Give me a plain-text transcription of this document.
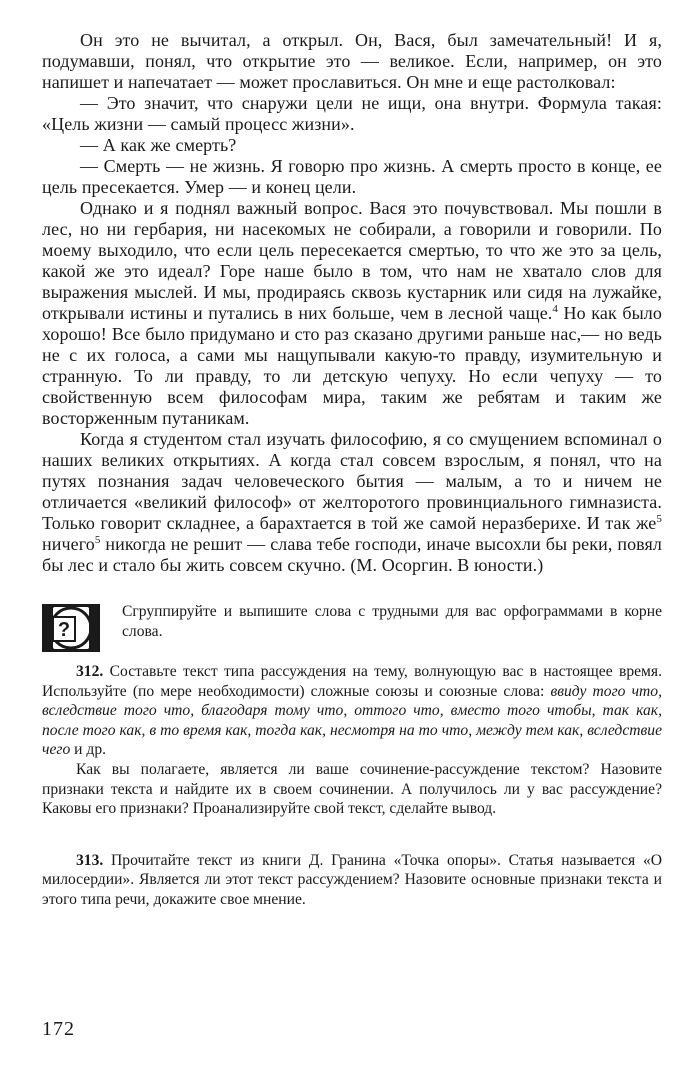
Он это не вычитал, а открыл. Он, Вася, был замечательный! И я, подумавши, понял, что открытие это — великое. Если, например, он это напишет и напечатает — может прославиться. Он мне и еще растолковал:

— Это значит, что снаружи цели не ищи, она внутри. Формула такая: «Цель жизни — самый процесс жизни».

— А как же смерть?

— Смерть — не жизнь. Я говорю про жизнь. А смерть просто в конце, ее цель пресекается. Умер — и конец цели.

Однако и я поднял важный вопрос. Вася это почувствовал. Мы пошли в лес, но ни гербария, ни насекомых не собирали, а говорили и говорили. По моему выходило, что если цель пересекается смертью, то что же это за цель, какой же это идеал? Горе наше было в том, что нам не хватало слов для выражения мыслей. И мы, продираясь сквозь кустарник или сидя на лужайке, открывали истины и путались в них больше, чем в лесной чаще.$^4$ Но как было хорошо! Все было придумано и сто раз сказано другими раньше нас,— но ведь не с их голоса, а сами мы нащупывали какую-то правду, изумительную и странную. То ли правду, то ли детскую чепуху. Но если чепуху — то свойственную всем философам мира, таким же ребятам и таким же восторженным путаникам.

Когда я студентом стал изучать философию, я со смущением вспоминал о наших великих открытиях. А когда стал совсем взрослым, я понял, что на путях познания задач человеческого бытия — малым, а то и ничем не отличается «великий философ» от желторотого провинциального гимназиста. Только говорит складнее, а барахтается в той же самой неразберихе. И так $же^5$ ничего$^5$ никогда не решит — слава тебе господи, иначе высохли бы реки, повял бы лес и стало бы жить совсем скучно. (М. Осоргин. В юности.)

?
Сгруппируйте и выпишите слова с трудными для вас орфограммами в корне слова.

312. Составьте текст типа рассуждения на тему, волнующую вас в настоящее время. Используйте (по мере необходимости) сложные союзы и союзные слова: ввиду того что, вследствие того что, благодаря тому что, оттого что, вместо того чтобы, так как, после того как, в то время как, тогда как, несмотря на то что, между тем как, вследствие чего и др.

Как вы полагаете, является ли ваше сочинение-рассуждение текстом? Назовите признаки текста и найдите их в своем сочинении. А получилось ли у вас рассуждение? Каковы его признаки? Проанализируйте свой текст, сделайте вывод.

313. Прочитайте текст из книги Д. Гранина «Точка опоры». Статья называется «О милосердии». Является ли этот текст рассуждением? Назовите основные признаки текста и этого типа речи, докажите свое мнение.

172
